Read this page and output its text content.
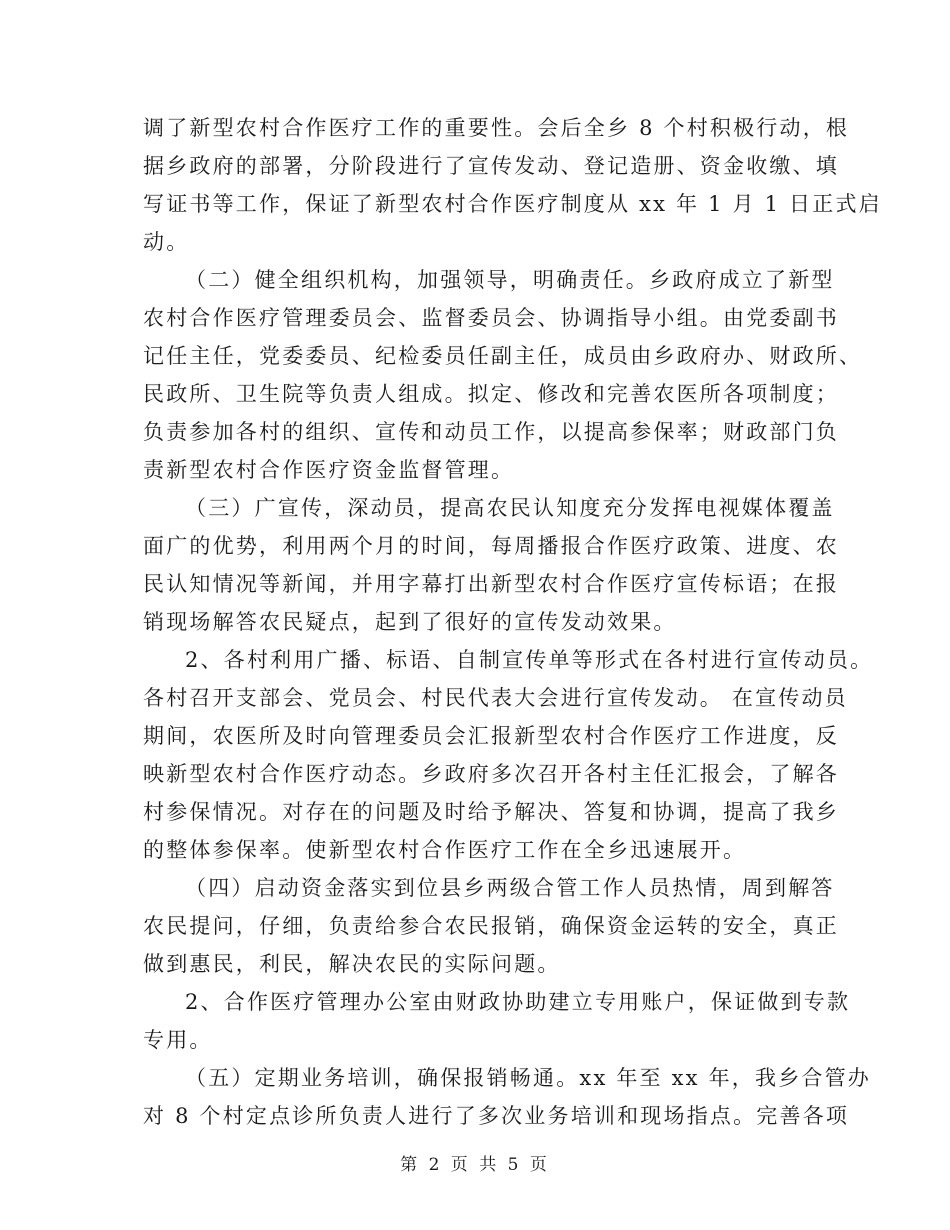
调了新型农村合作医疗工作的重要性。会后全乡 8 个村积极行动，根
据乡政府的部署，分阶段进行了宣传发动、登记造册、资金收缴、填
写证书等工作，保证了新型农村合作医疗制度从 xx 年 1 月 1 日正式启
动。
（二）健全组织机构，加强领导，明确责任。乡政府成立了新型
农村合作医疗管理委员会、监督委员会、协调指导小组。由党委副书
记任主任，党委委员、纪检委员任副主任，成员由乡政府办、财政所、
民政所、卫生院等负责人组成。拟定、修改和完善农医所各项制度；
负责参加各村的组织、宣传和动员工作，以提高参保率；财政部门负
责新型农村合作医疗资金监督管理。
（三）广宣传，深动员，提高农民认知度充分发挥电视媒体覆盖
面广的优势，利用两个月的时间，每周播报合作医疗政策、进度、农
民认知情况等新闻，并用字幕打出新型农村合作医疗宣传标语；在报
销现场解答农民疑点，起到了很好的宣传发动效果。
2、各村利用广播、标语、自制宣传单等形式在各村进行宣传动员。
各村召开支部会、党员会、村民代表大会进行宣传发动。 在宣传动员
期间，农医所及时向管理委员会汇报新型农村合作医疗工作进度，反
映新型农村合作医疗动态。乡政府多次召开各村主任汇报会，了解各
村参保情况。对存在的问题及时给予解决、答复和协调，提高了我乡
的整体参保率。使新型农村合作医疗工作在全乡迅速展开。
（四）启动资金落实到位县乡两级合管工作人员热情，周到解答
农民提问，仔细，负责给参合农民报销，确保资金运转的安全，真正
做到惠民，利民，解决农民的实际问题。
2、合作医疗管理办公室由财政协助建立专用账户，保证做到专款
专用。
（五）定期业务培训，确保报销畅通。xx 年至 xx 年，我乡合管办
对 8 个村定点诊所负责人进行了多次业务培训和现场指点。完善各项
第 2 页 共 5 页
